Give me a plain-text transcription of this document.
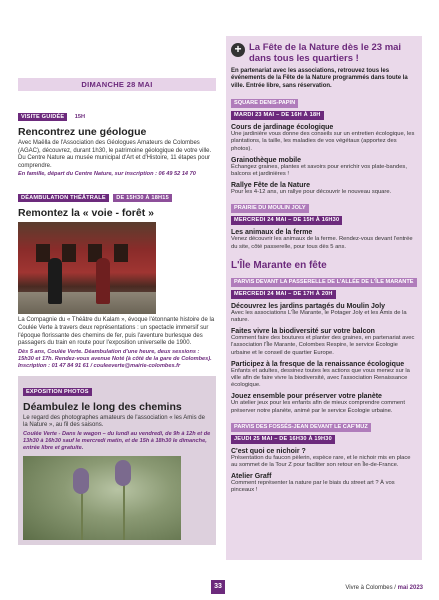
DIMANCHE 28 MAI
VISITE GUIDÉE 15H
Rencontrez une géologue

Avec Maëlla de l'Association des Géologues Amateurs de Colombes (AGAC), découvrez, durant 1h30, le patrimoine géologique de votre ville. Du Centre Nature au musée municipal d'Art et d'Histoire, 11 étapes pour comprendre.

En famille, départ du Centre Nature, sur inscription : 06 49 52 14 70

DÉAMBULATION THÉÂTRALE DE 15H30 À 18H15
Remontez la « voie - forêt »

La Compagnie du « Théâtre du Kalam », évoque l'étonnante histoire de la Coulée Verte à travers deux représentations : un spectacle immersif sur l'époque florissante des chemins de fer, puis l'aventure burlesque des passagers du train en route pour l'exposition universelle de 1900.

Dès 5 ans, Coulée Verte. Déambulation d'une heure, deux sessions : 15h30 et 17h. Rendez-vous avenue Noté (à côté de la gare de Colombes). Inscription : 01 47 84 91 61 / couleeverte@mairie-colombes.fr

EXPOSITION PHOTOS
Déambulez le long des chemins

Le regard des photographes amateurs de l'association « les Amis de la Nature », au fil des saisons.

Coulée Verte - Dans le wagon – du lundi au vendredi, de 9h à 12h et de 13h30 à 16h30 sauf le mercredi matin, et de 15h à 18h30 le dimanche, entrée libre et gratuite.

+ La Fête de la Nature dès le 23 mai dans tous les quartiers !

En partenariat avec les associations, retrouvez tous les événements de la Fête de la Nature programmés dans toute la ville. Entrée libre, sans réservation.

SQUARE DENIS-PAPIN
MARDI 23 MAI – DE 16H À 18H
Cours de jardinage écologique
Une jardinière vous donne des conseils sur un entretien écologique, les plantations, la taille, les maladies de vos végétaux (apportez des photos).
Grainothèque mobile
Échangez graines, plantes et savoirs pour enrichir vos plate-bandes, balcons et jardinières !
Rallye Fête de la Nature
Pour les 4-12 ans, un rallye pour découvrir le nouveau square.
PRAIRIE DU MOULIN JOLY
MERCREDI 24 MAI – DE 15H À 16H30
Les animaux de la ferme
Venez découvrir les animaux de la ferme. Rendez-vous devant l'entrée du site, côté passerelle, pour tous dès 5 ans.
L'Île Marante en fête
PARVIS DEVANT LA PASSERELLE DE L'ALLÉE DE L'ÎLE MARANTE
MERCREDI 24 MAI – DE 17H À 20H
Découvrez les jardins partagés du Moulin Joly
Avec les associations L'Île Marante, le Potager Joly et les Amis de la nature.
Faites vivre la biodiversité sur votre balcon
Comment faire des boutures et planter des graines, en partenariat avec l'association l'Île Marante, Colombes Respire, le service Écologie urbaine et le conseil de quartier Europe.
Participez à la fresque de la renaissance écologique
Enfants et adultes, dessinez toutes les actions que vous menez sur la ville afin de faire vivre la biodiversité, avec l'association Renaissance écologique.
Jouez ensemble pour préserver votre planète
Un atelier jeux pour les enfants afin de mieux comprendre comment préserver notre planète, animé par le service Écologie urbaine.
PARVIS DES FOSSÉS-JEAN DEVANT LE CAF'MUZ
JEUDI 25 MAI – DE 16H30 À 19H30
C'est quoi ce nichoir ?
Présentation du faucon pèlerin, espèce rare, et le nichoir mis en place au sommet de la Tour Z pour faciliter son retour en Île-de-France.
Atelier Graff
Comment représenter la nature par le biais du street art ? À vos pinceaux !
33	Vivre à Colombes / mai 2023
